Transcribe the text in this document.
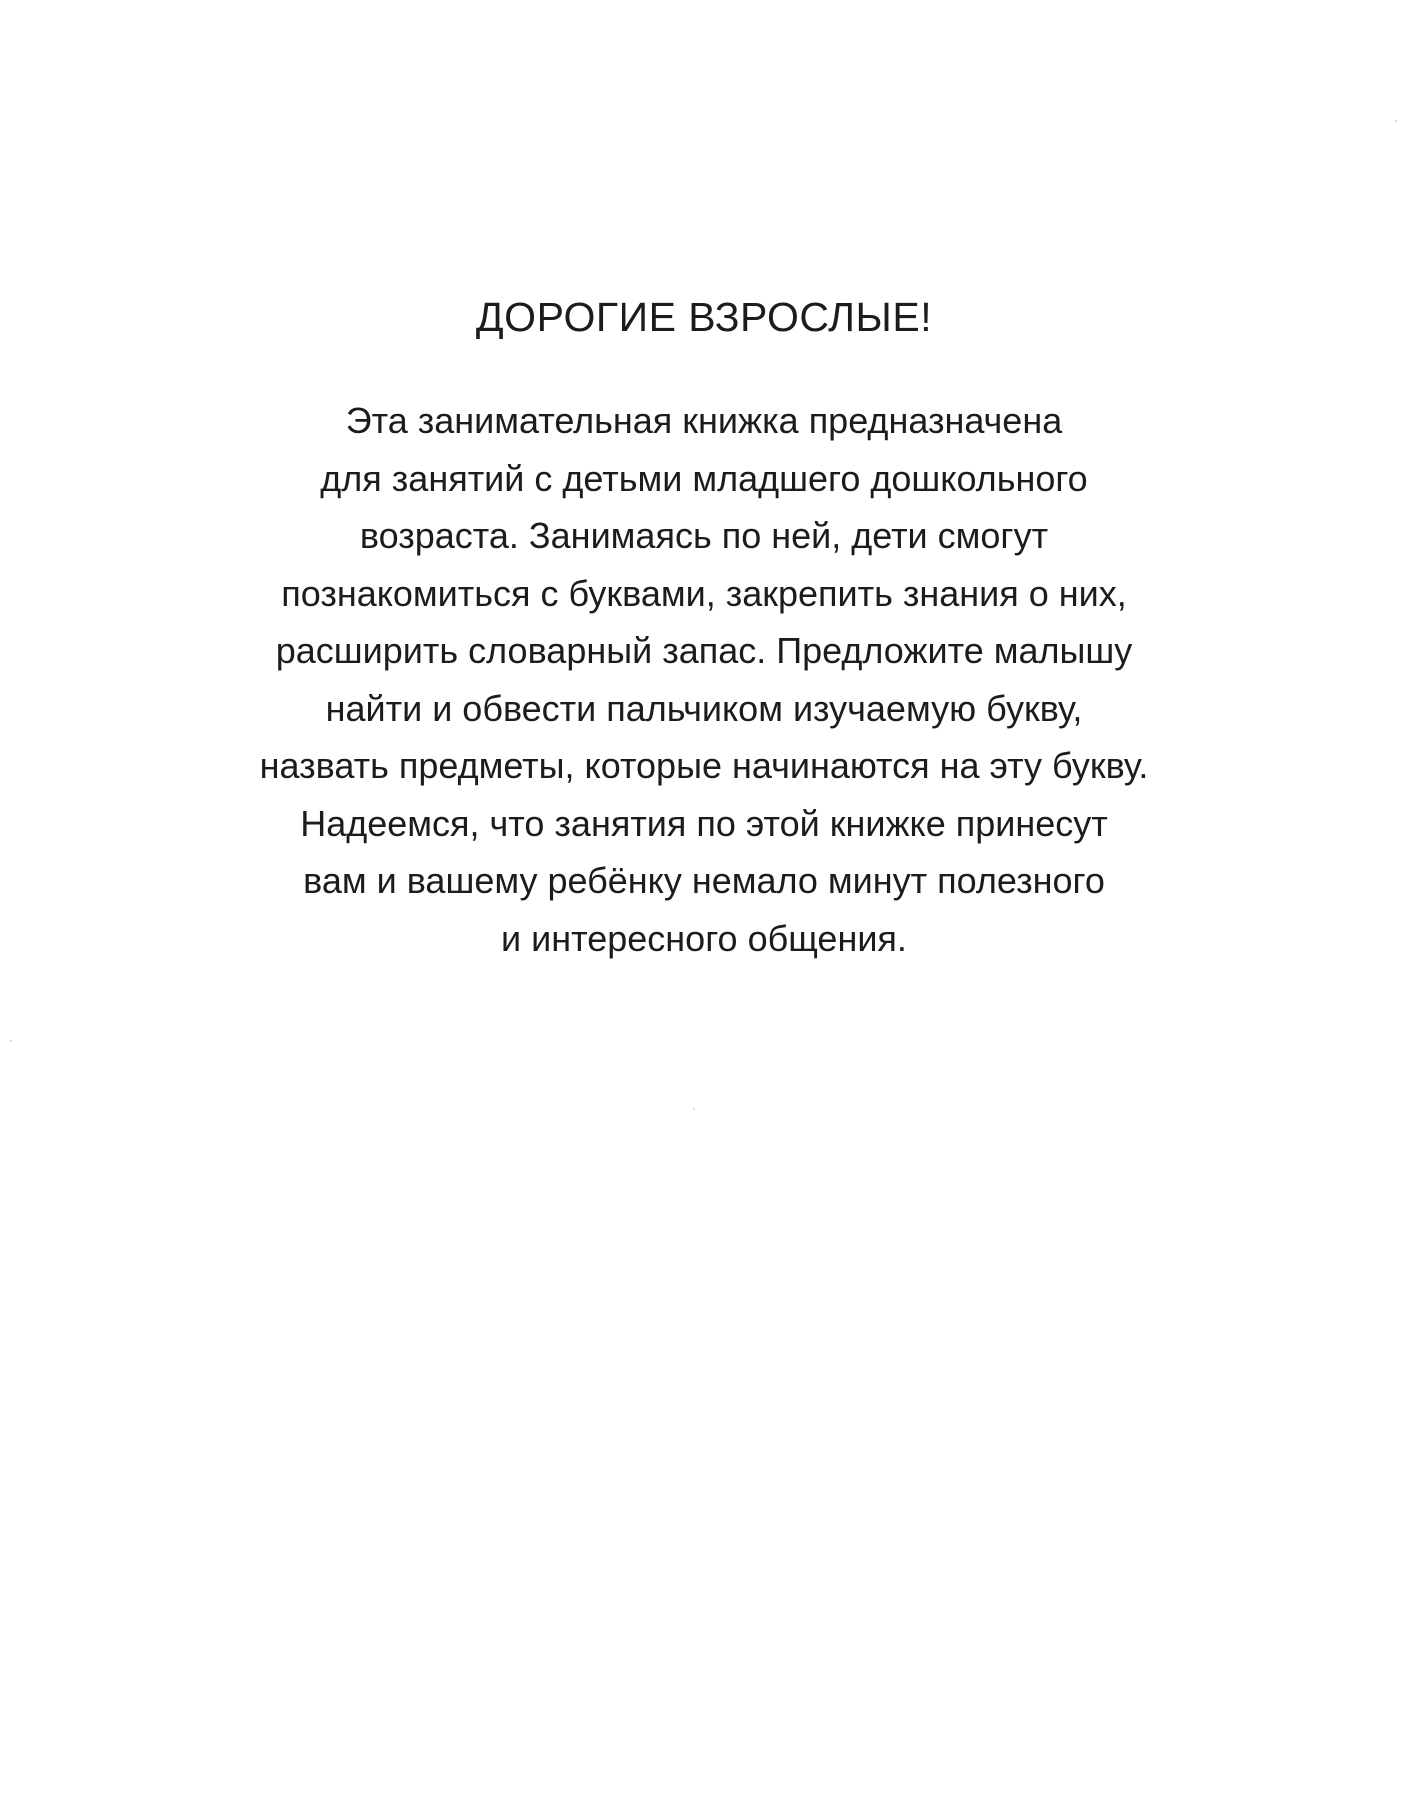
ДОРОГИЕ ВЗРОСЛЫЕ!
Эта занимательная книжка предназначена
для занятий с детьми младшего дошкольного
возраста. Занимаясь по ней, дети смогут
познакомиться с буквами, закрепить знания о них,
расширить словарный запас. Предложите малышу
найти и обвести пальчиком изучаемую букву,
назвать предметы, которые начинаются на эту букву.
Надеемся, что занятия по этой книжке принесут
вам и вашему ребёнку немало минут полезного
и интересного общения.
